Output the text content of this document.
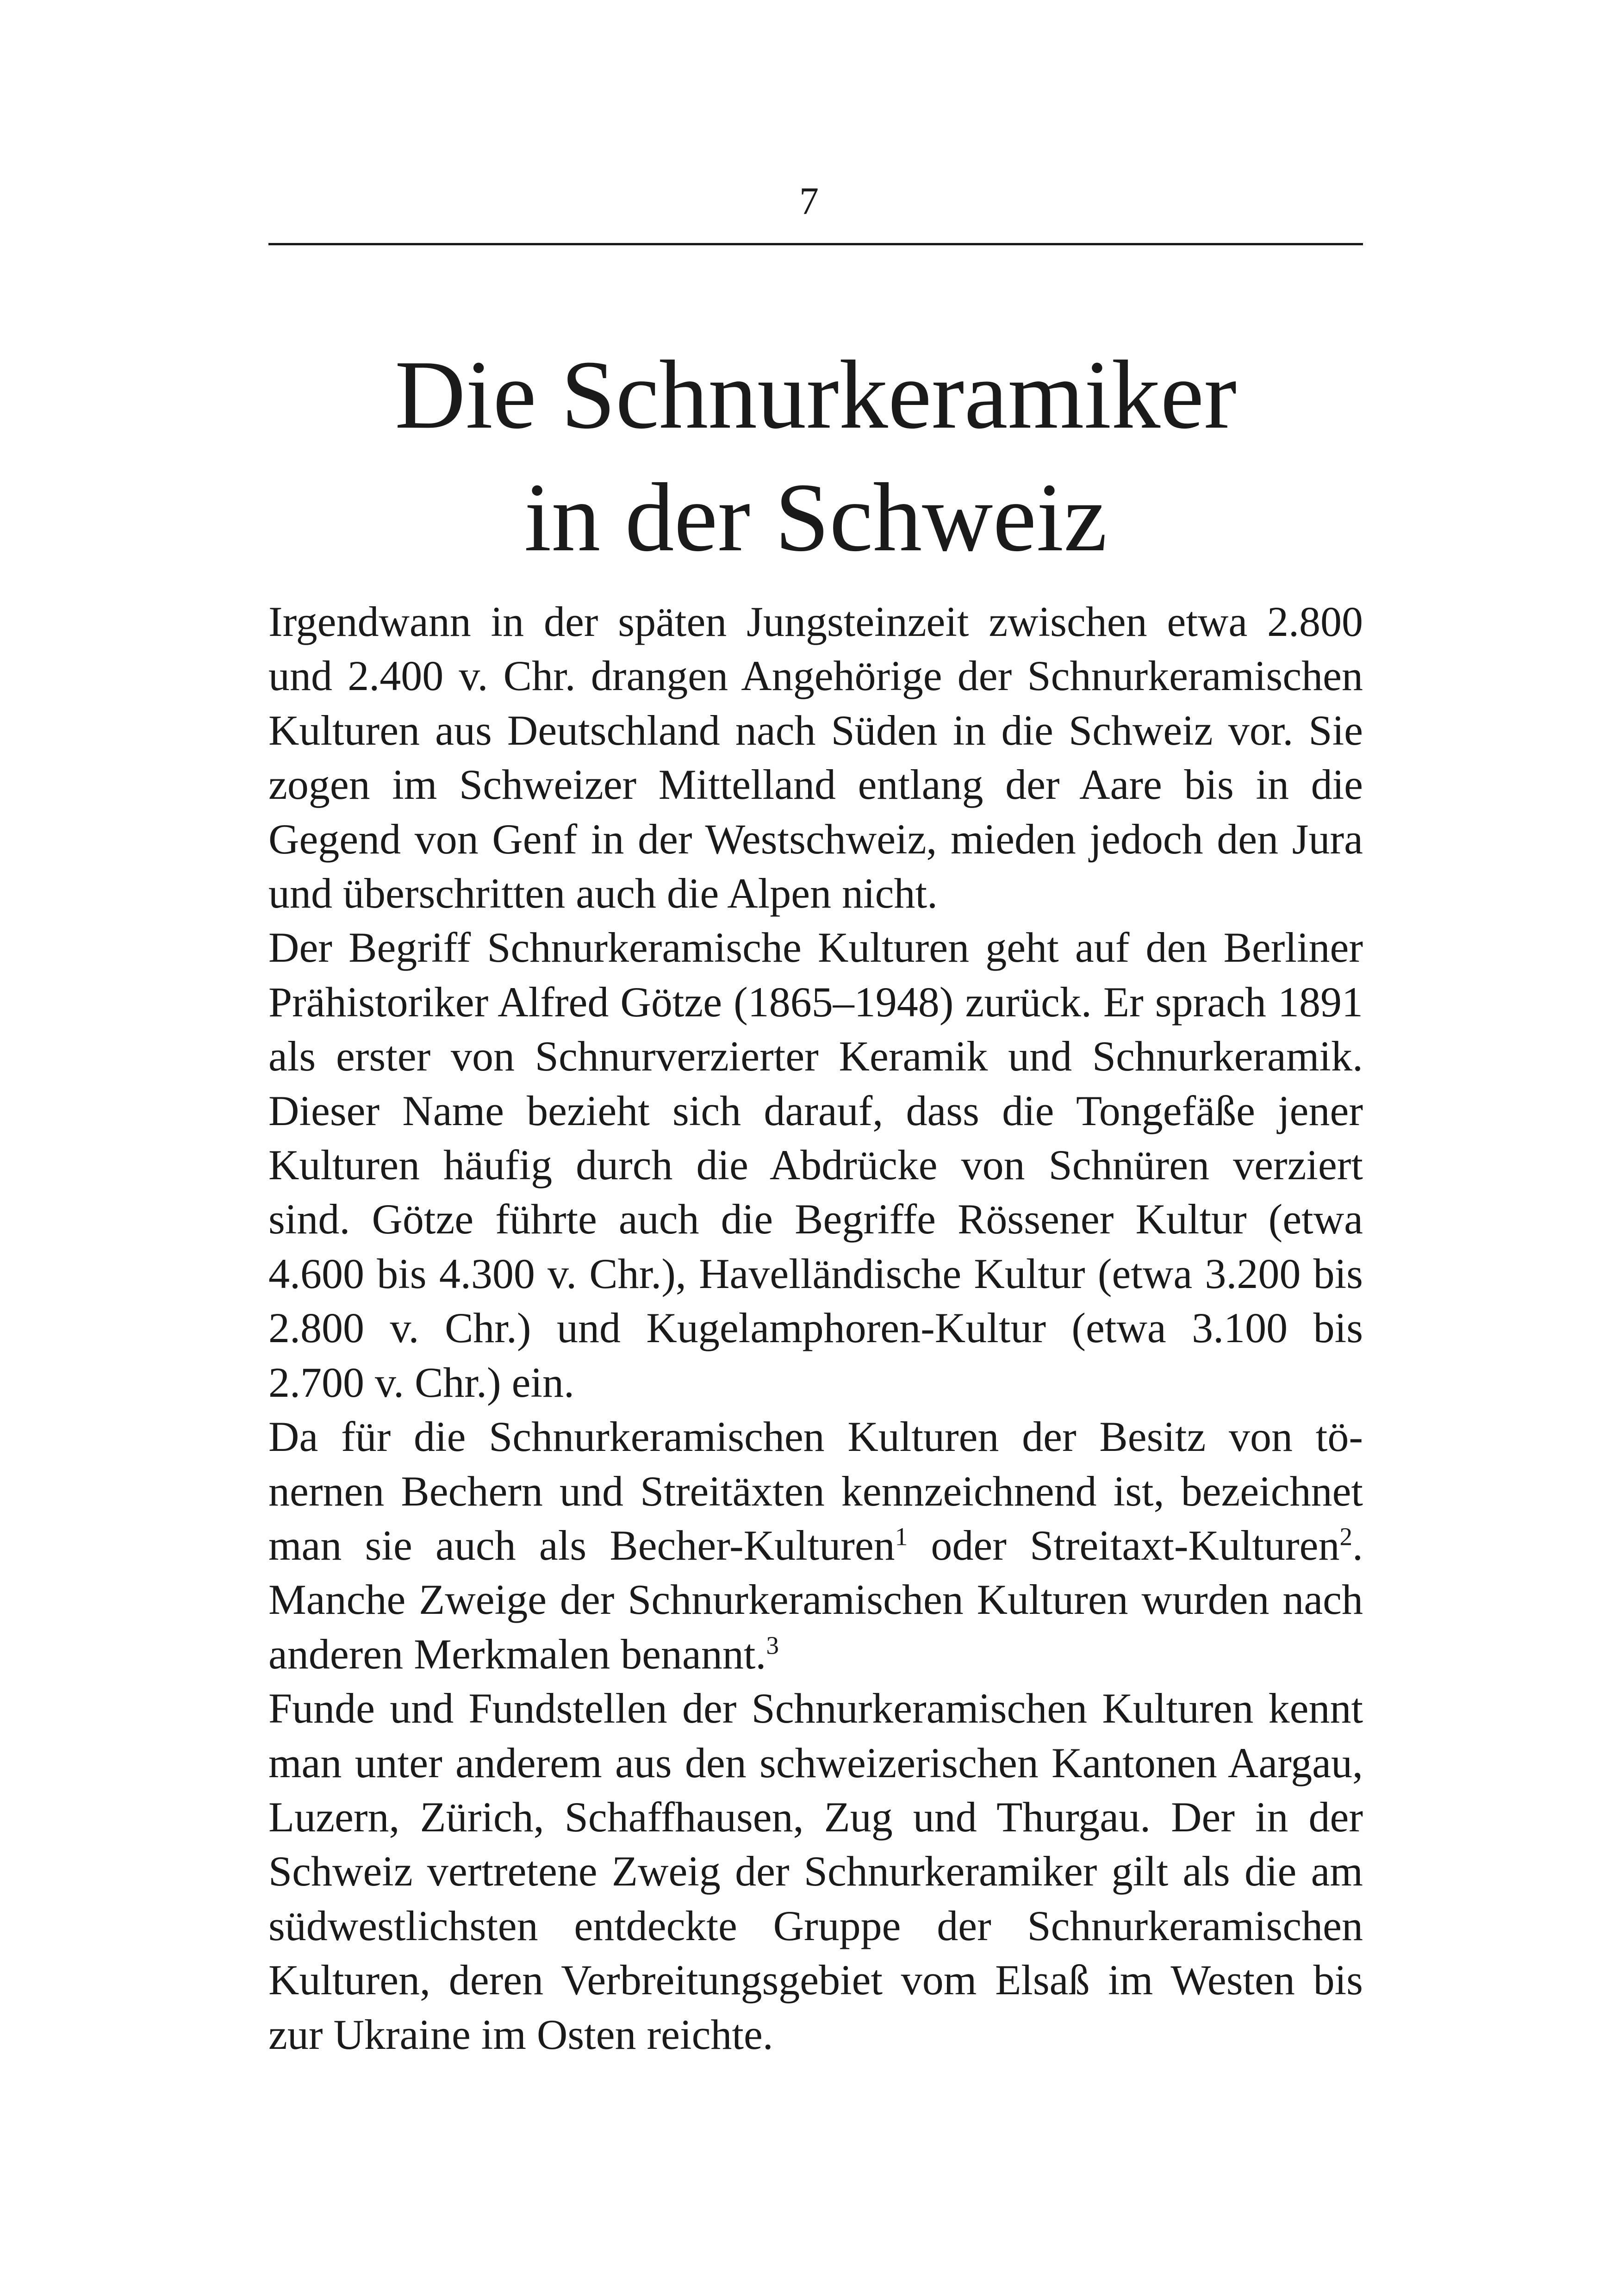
7
Die Schnurkeramiker
in der Schweiz

Irgendwann in der späten Jungsteinzeit zwischen etwa 2.800 und 2.400 v. Chr. drangen Angehörige der Schnurkeramischen Kulturen aus Deutschland nach Süden in die Schweiz vor. Sie zogen im Schweizer Mittelland entlang der Aare bis in die Gegend von Genf in der Westschweiz, mieden jedoch den Jura und überschritten auch die Alpen nicht.

Der Begriff Schnurkeramische Kulturen geht auf den Berliner Prähistoriker Alfred Götze (1865–1948) zurück. Er sprach 1891 als erster von Schnurverzierter Keramik und Schnurkeramik. Dieser Name bezieht sich darauf, dass die Tongefäße jener Kulturen häufig durch die Abdrücke von Schnüren verziert sind. Götze führte auch die Begriffe Rössener Kultur (etwa 4.600 bis 4.300 v. Chr.), Havelländische Kultur (etwa 3.200 bis 2.800 v. Chr.) und Kugelamphoren-Kultur (etwa 3.100 bis 2.700 v. Chr.) ein.

Da für die Schnurkeramischen Kulturen der Besitz von tönernen Bechern und Streitäxten kennzeichnend ist, bezeichnet man sie auch als Becher-Kulturen$^1$ oder Streitaxt-Kulturen$^2$. Manche Zweige der Schnurkeramischen Kulturen wurden nach anderen Merkmalen benannt.$^3$

Funde und Fundstellen der Schnurkeramischen Kulturen kennt man unter anderem aus den schweizerischen Kantonen Aargau, Luzern, Zürich, Schaffhausen, Zug und Thurgau. Der in der Schweiz vertretene Zweig der Schnurkeramiker gilt als die am südwestlichsten entdeckte Gruppe der Schnurkeramischen Kulturen, deren Verbreitungsgebiet vom Elsaß im Westen bis zur Ukraine im Osten reichte.
